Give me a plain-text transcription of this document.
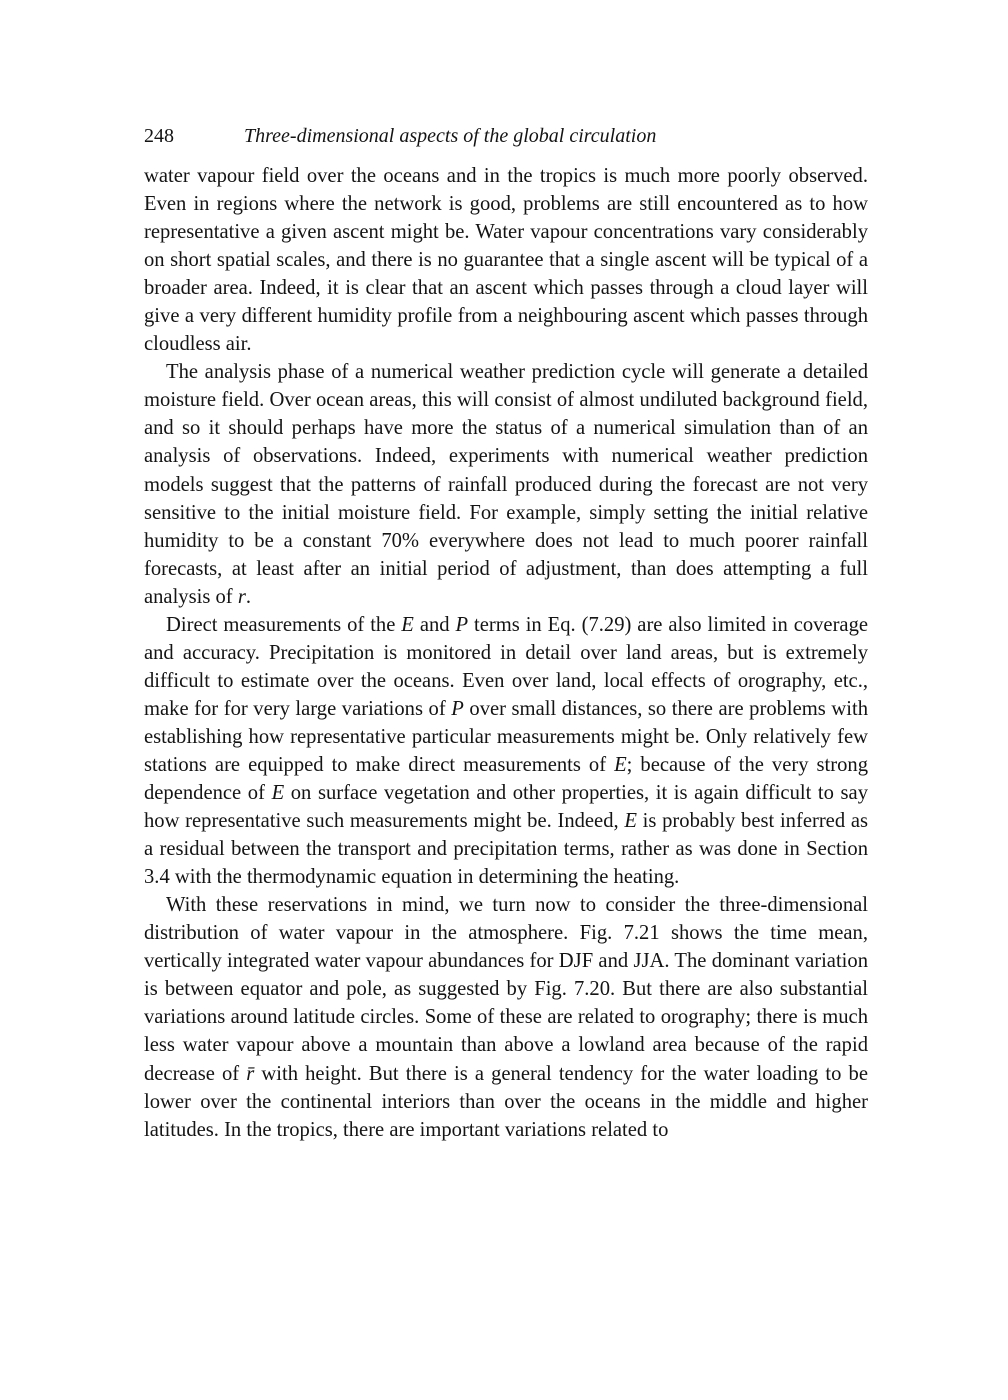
248	Three-dimensional aspects of the global circulation

water vapour field over the oceans and in the tropics is much more poorly observed. Even in regions where the network is good, problems are still encountered as to how representative a given ascent might be. Water vapour concentrations vary considerably on short spatial scales, and there is no guarantee that a single ascent will be typical of a broader area. Indeed, it is clear that an ascent which passes through a cloud layer will give a very different humidity profile from a neighbouring ascent which passes through cloudless air.

The analysis phase of a numerical weather prediction cycle will generate a detailed moisture field. Over ocean areas, this will consist of almost undiluted background field, and so it should perhaps have more the status of a numerical simulation than of an analysis of observations. Indeed, experiments with numerical weather prediction models suggest that the patterns of rainfall produced during the forecast are not very sensitive to the initial moisture field. For example, simply setting the initial relative humidity to be a constant 70% everywhere does not lead to much poorer rainfall forecasts, at least after an initial period of adjustment, than does attempting a full analysis of r.

Direct measurements of the E and P terms in Eq. (7.29) are also limited in coverage and accuracy. Precipitation is monitored in detail over land areas, but is extremely difficult to estimate over the oceans. Even over land, local effects of orography, etc., make for for very large variations of P over small distances, so there are problems with establishing how representative particular measurements might be. Only relatively few stations are equipped to make direct measurements of E; because of the very strong dependence of E on surface vegetation and other properties, it is again difficult to say how representative such measurements might be. Indeed, E is probably best inferred as a residual between the transport and precipitation terms, rather as was done in Section 3.4 with the thermodynamic equation in determining the heating.

With these reservations in mind, we turn now to consider the three-dimensional distribution of water vapour in the atmosphere. Fig. 7.21 shows the time mean, vertically integrated water vapour abundances for DJF and JJA. The dominant variation is between equator and pole, as suggested by Fig. 7.20. But there are also substantial variations around latitude circles. Some of these are related to orography; there is much less water vapour above a mountain than above a lowland area because of the rapid decrease of r̄ with height. But there is a general tendency for the water loading to be lower over the continental interiors than over the oceans in the middle and higher latitudes. In the tropics, there are important variations related to
